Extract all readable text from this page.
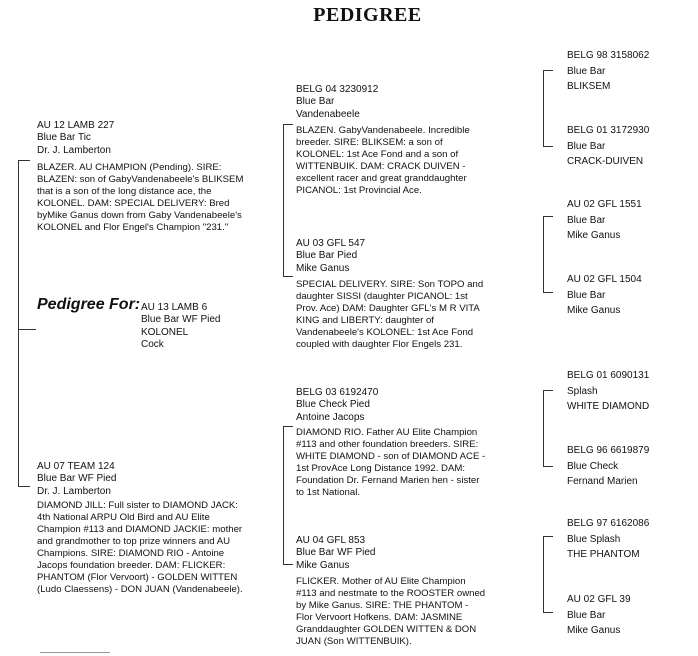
PEDIGREE
AU 12 LAMB 227
Blue Bar Tic
Dr. J. Lamberton
BLAZER. AU CHAMPION (Pending). SIRE:
BLAZEN: son of GabyVandenabeele's BLIKSEM
that is a son of the long distance ace, the
KOLONEL. DAM: SPECIAL DELIVERY: Bred
byMike Ganus down from Gaby Vandenabeele's
KOLONEL and Flor Engel's Champion "231."
Pedigree For: AU 13 LAMB 6
Blue Bar WF Pied
KOLONEL
Cock
AU 07 TEAM 124
Blue Bar WF Pied
Dr. J. Lamberton
DIAMOND JILL: Full sister to DIAMOND JACK:
4th National ARPU Old Bird and AU Elite
Champion #113 and DIAMOND JACKIE: mother
and grandmother to top prize winners and AU
Champions. SIRE: DIAMOND RIO - Antoine
Jacops foundation breeder. DAM: FLICKER:
PHANTOM (Flor Vervoort) - GOLDEN WITTEN
(Ludo Claessens) - DON JUAN (Vandenabeele).
BELG 04 3230912
Blue Bar
Vandenabeele
BLAZEN. GabyVandenabeele. Incredible
breeder. SIRE: BLIKSEM: a son of
KOLONEL: 1st Ace Fond and a son of
WITTENBUIK. DAM: CRACK DUIVEN -
excellent racer and great granddaughter
PICANOL: 1st Provincial Ace.
AU 03 GFL 547
Blue Bar Pied
Mike Ganus
SPECIAL DELIVERY. SIRE: Son TOPO and
daughter SISSI (daughter PICANOL: 1st
Prov. Ace) DAM: Daughter GFL's M R VITA
KING and LIBERTY: daughter of
Vandenabeele's KOLONEL: 1st Ace Fond
coupled with daughter Flor Engels 231.
BELG 03 6192470
Blue Check Pied
Antoine Jacops
DIAMOND RIO. Father AU Elite Champion
#113 and other foundation breeders. SIRE:
WHITE DIAMOND - son of DIAMOND ACE -
1st ProvAce Long Distance 1992. DAM:
Foundation Dr. Fernand Marien hen - sister
to 1st National.
AU 04 GFL 853
Blue Bar WF Pied
Mike Ganus
FLICKER. Mother of AU Elite Champion
#113 and nestmate to the ROOSTER owned
by Mike Ganus. SIRE: THE PHANTOM -
Flor Vervoort Hofkens. DAM: JASMINE
Granddaughter GOLDEN WITTEN & DON
JUAN (Son WITTENBUIK).
BELG 98 3158062
Blue Bar
BLIKSEM
BELG 01 3172930
Blue Bar
CRACK-DUIVEN
AU 02 GFL 1551
Blue Bar
Mike Ganus
AU 02 GFL 1504
Blue Bar
Mike Ganus
BELG 01 6090131
Splash
WHITE DIAMOND
BELG 96 6619879
Blue Check
Fernand Marien
BELG 97 6162086
Blue Splash
THE PHANTOM
AU 02 GFL 39
Blue Bar
Mike Ganus
